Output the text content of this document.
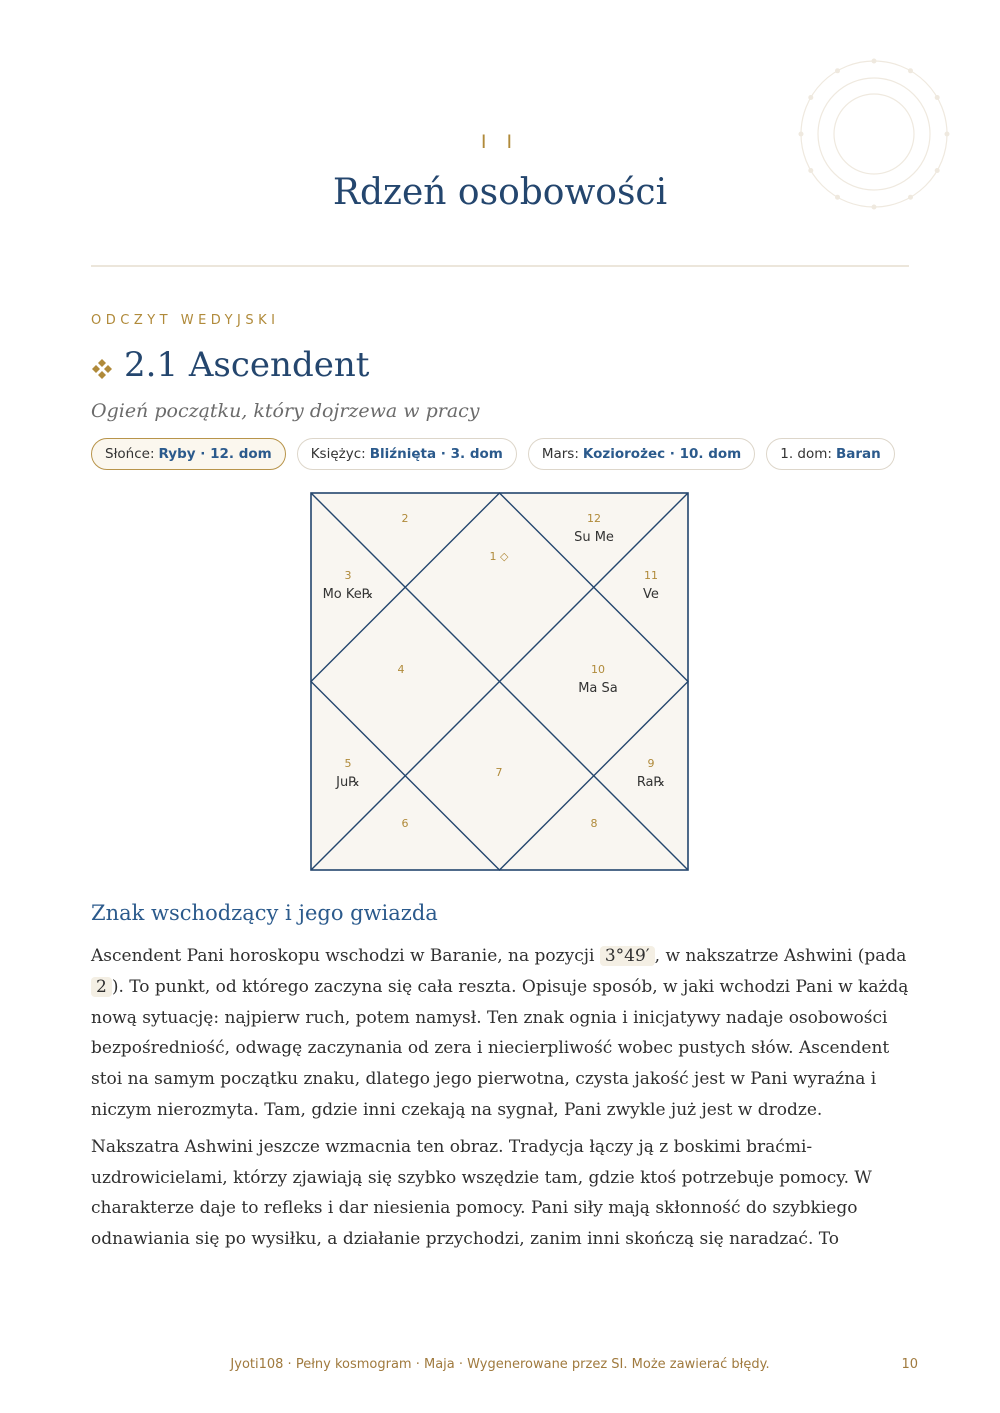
I I
Rdzeń osobowości
ODCZYT WEDYJSKI
2.1 Ascendent
Ogień początku, który dojrzewa w pracy
Słońce: Ryby · 12. dom	Księżyc: Bliźnięta · 3. dom	Mars: Koziorożec · 10. dom	1. dom: Baran
1 ◇
2
3
Mo Ke℞
4
5
Ju℞
6
7
8
9
Ra℞
10
Ma Sa
11
Ve
12
Su Me
Znak wschodzący i jego gwiazda

Ascendent Pani horoskopu wschodzi w Baranie, na pozycji 3°49′ , w nakszatrze Ashwini (pada 2 ). To punkt, od którego zaczyna się cała reszta. Opisuje sposób, w jaki wchodzi Pani w każdą nową sytuację: najpierw ruch, potem namysł. Ten znak ognia i inicjatywy nadaje osobowości bezpośredniość, odwagę zaczynania od zera i niecierpliwość wobec pustych słów. Ascendent stoi na samym początku znaku, dlatego jego pierwotna, czysta jakość jest w Pani wyraźna i niczym nierozmyta. Tam, gdzie inni czekają na sygnał, Pani zwykle już jest w drodze.

Nakszatra Ashwini jeszcze wzmacnia ten obraz. Tradycja łączy ją z boskimi braćmi-uzdrowicielami, którzy zjawiają się szybko wszędzie tam, gdzie ktoś potrzebuje pomocy. W charakterze daje to refleks i dar niesienia pomocy. Pani siły mają skłonność do szybkiego odnawiania się po wysiłku, a działanie przychodzi, zanim inni skończą się naradzać. To

Jyoti108 · Pełny kosmogram · Maja · Wygenerowane przez SI. Może zawierać błędy.	10
